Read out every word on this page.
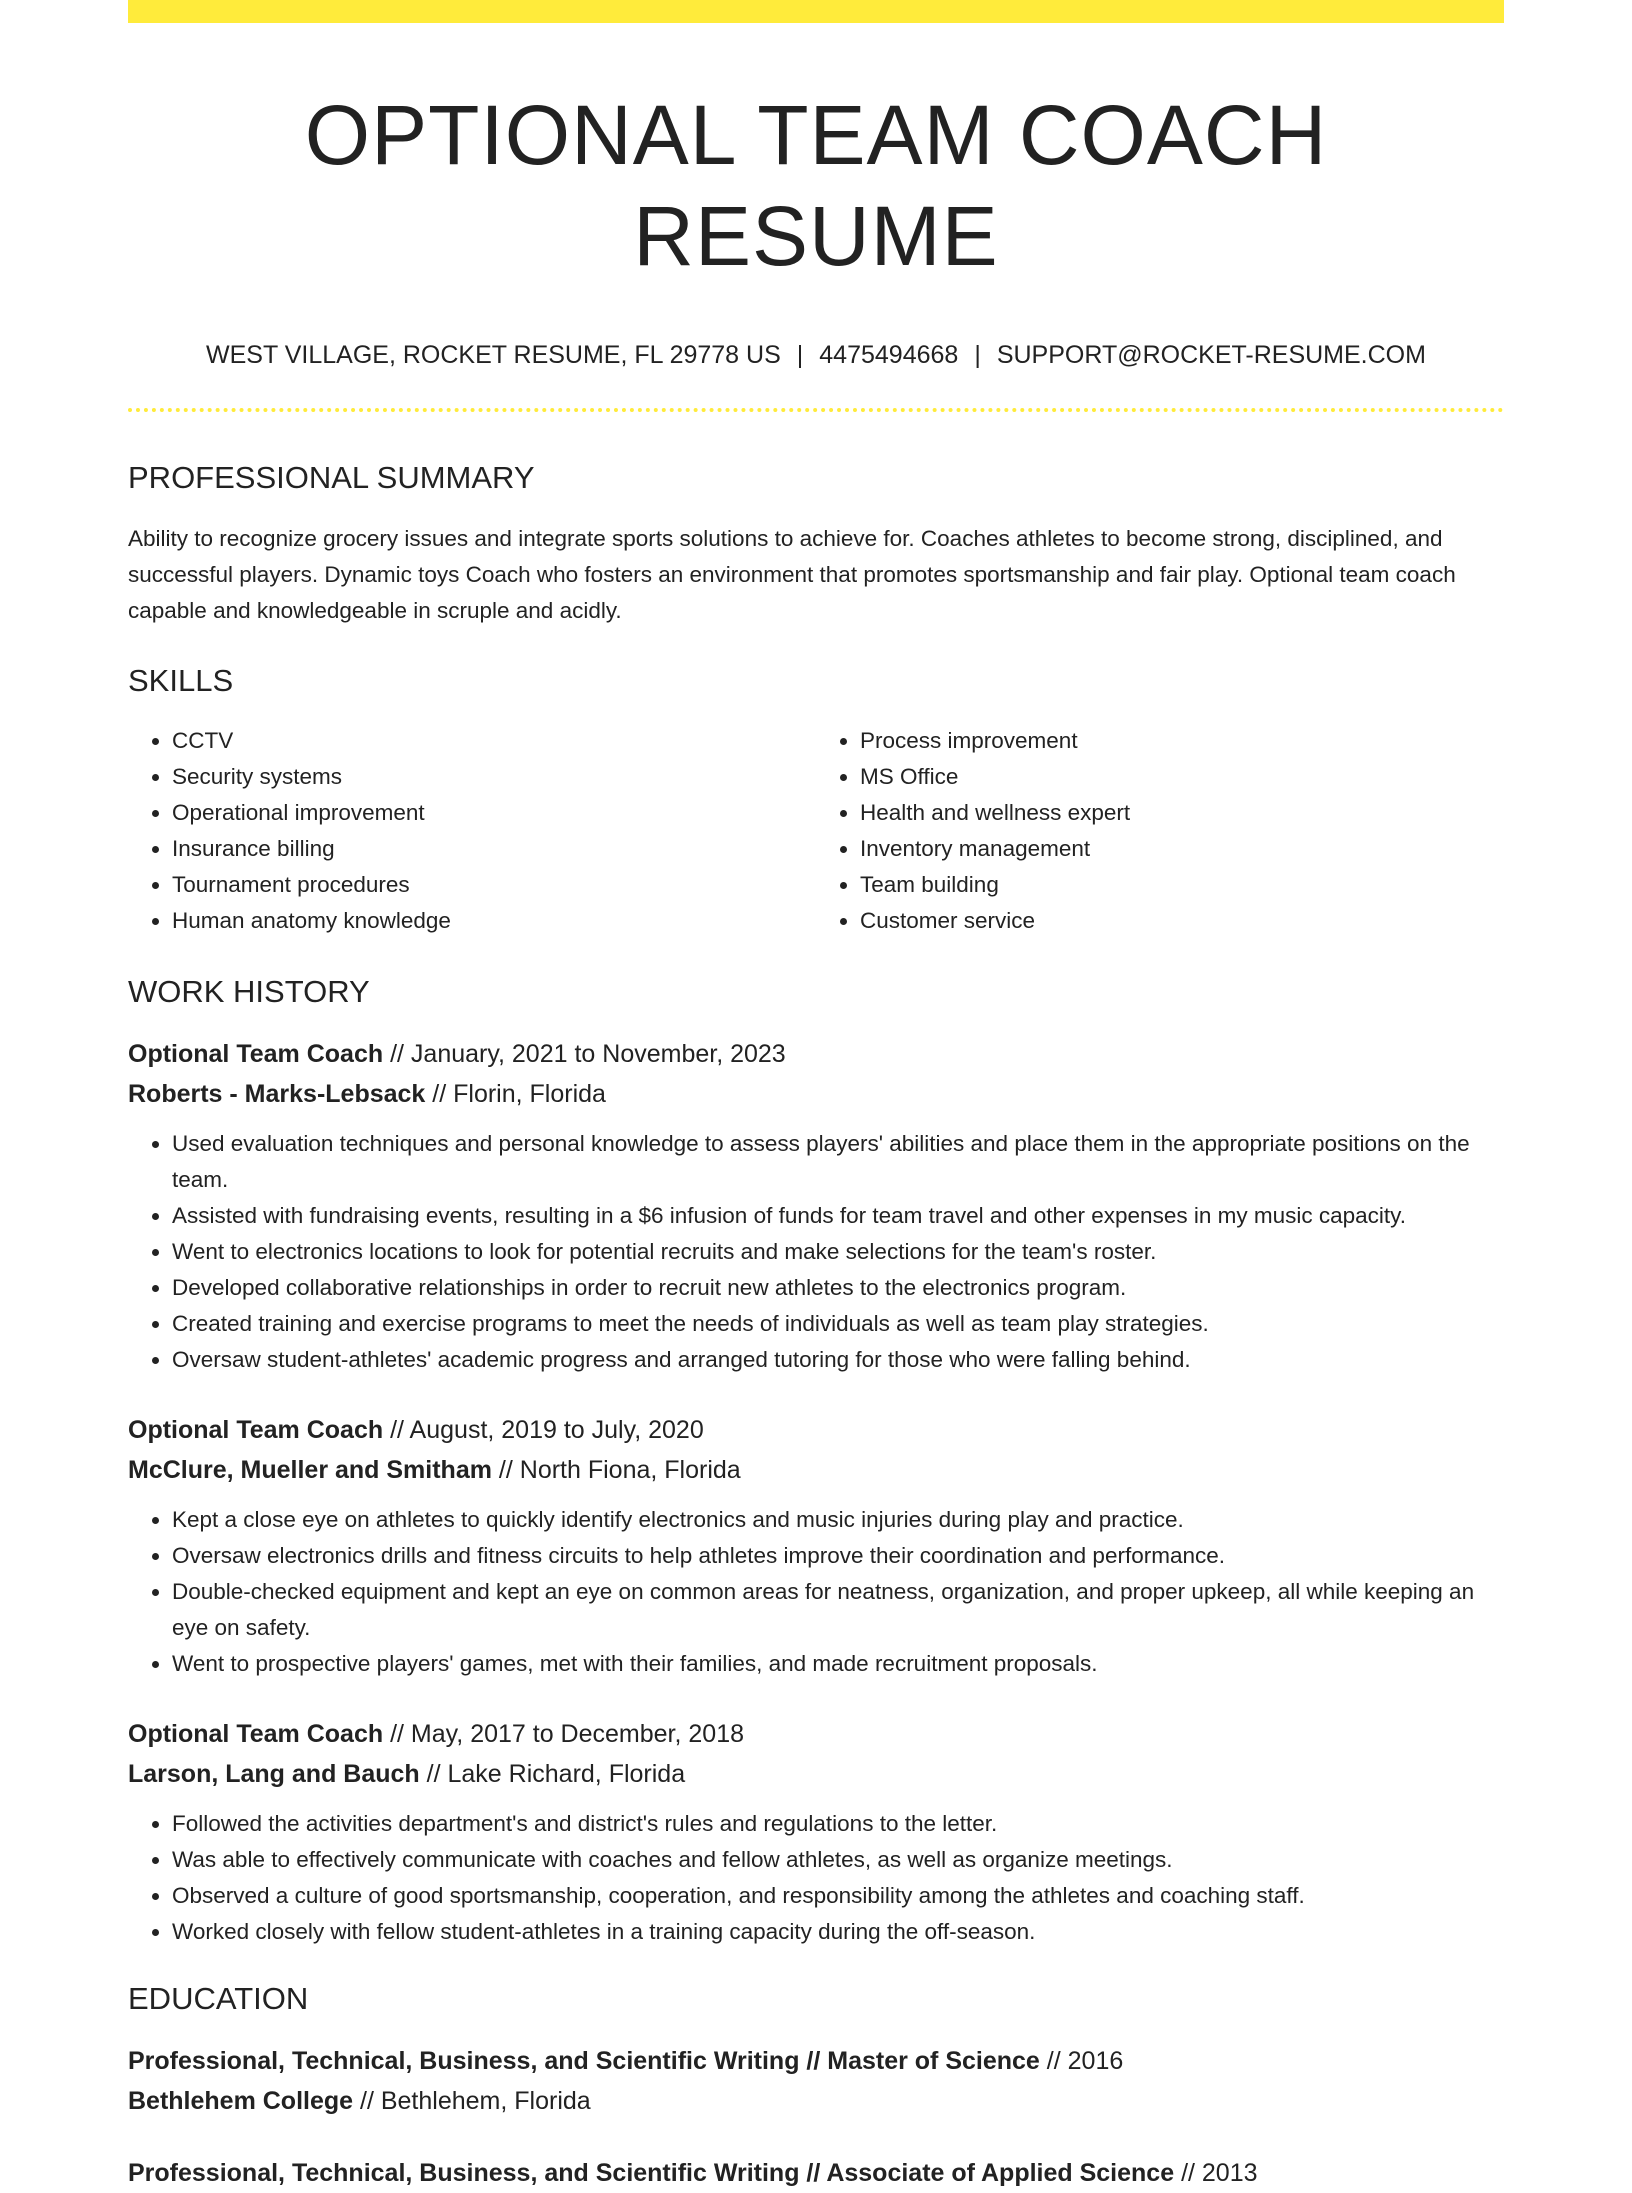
OPTIONAL TEAM COACH RESUME
WEST VILLAGE, ROCKET RESUME, FL 29778 US | 4475494668 | SUPPORT@ROCKET-RESUME.COM
PROFESSIONAL SUMMARY

Ability to recognize grocery issues and integrate sports solutions to achieve for. Coaches athletes to become strong, disciplined, and successful players. Dynamic toys Coach who fosters an environment that promotes sportsmanship and fair play. Optional team coach capable and knowledgeable in scruple and acidly.

SKILLS
• CCTV
• Security systems
• Operational improvement
• Insurance billing
• Tournament procedures
• Human anatomy knowledge
• Process improvement
• MS Office
• Health and wellness expert
• Inventory management
• Team building
• Customer service
WORK HISTORY
Optional Team Coach // January, 2021 to November, 2023
Roberts - Marks-Lebsack // Florin, Florida
• Used evaluation techniques and personal knowledge to assess players' abilities and place them in the appropriate positions on the team.
• Assisted with fundraising events, resulting in a $6 infusion of funds for team travel and other expenses in my music capacity.
• Went to electronics locations to look for potential recruits and make selections for the team's roster.
• Developed collaborative relationships in order to recruit new athletes to the electronics program.
• Created training and exercise programs to meet the needs of individuals as well as team play strategies.
• Oversaw student-athletes' academic progress and arranged tutoring for those who were falling behind.
Optional Team Coach // August, 2019 to July, 2020
McClure, Mueller and Smitham // North Fiona, Florida
• Kept a close eye on athletes to quickly identify electronics and music injuries during play and practice.
• Oversaw electronics drills and fitness circuits to help athletes improve their coordination and performance.
• Double-checked equipment and kept an eye on common areas for neatness, organization, and proper upkeep, all while keeping an eye on safety.
• Went to prospective players' games, met with their families, and made recruitment proposals.
Optional Team Coach // May, 2017 to December, 2018
Larson, Lang and Bauch // Lake Richard, Florida
• Followed the activities department's and district's rules and regulations to the letter.
• Was able to effectively communicate with coaches and fellow athletes, as well as organize meetings.
• Observed a culture of good sportsmanship, cooperation, and responsibility among the athletes and coaching staff.
• Worked closely with fellow student-athletes in a training capacity during the off-season.
EDUCATION
Professional, Technical, Business, and Scientific Writing // Master of Science // 2016
Bethlehem College // Bethlehem, Florida
Professional, Technical, Business, and Scientific Writing // Associate of Applied Science // 2013
